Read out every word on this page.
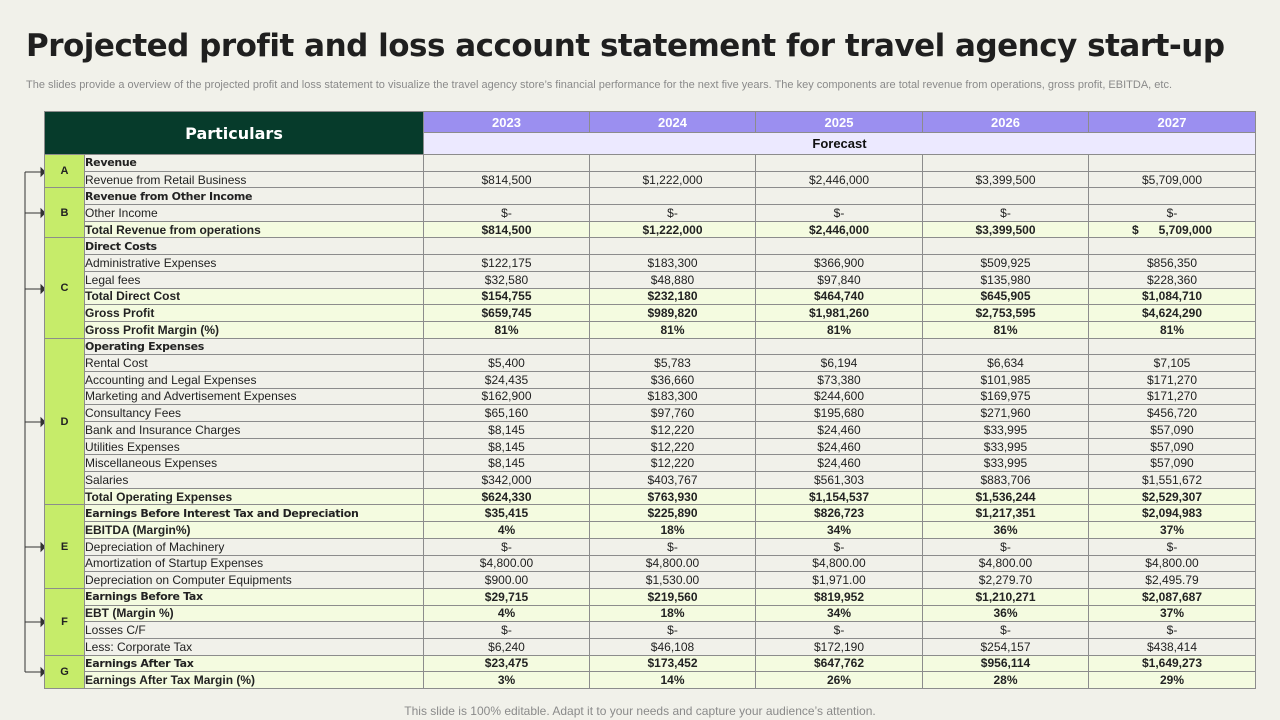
Projected profit and loss account statement for travel agency start-up
The slides provide a overview of the projected profit and loss statement to visualize the travel agency store’s financial performance for the next five years. The key components are total revenue from operations, gross profit, EBITDA, etc.
Particulars		2023	2024	2025	2026	2027
		Forecast				
A	Revenue					
	Revenue from Retail Business	$814,500	$1,222,000	$2,446,000	$3,399,500	$5,709,000
B	Revenue from Other Income					
	Other Income	$-	$-	$-	$-	$-
	Total Revenue from operations	$814,500	$1,222,000	$2,446,000	$3,399,500	$      5,709,000
C	Direct Costs					
	Administrative Expenses	$122,175	$183,300	$366,900	$509,925	$856,350
	Legal fees	$32,580	$48,880	$97,840	$135,980	$228,360
	Total Direct Cost	$154,755	$232,180	$464,740	$645,905	$1,084,710
	Gross Profit	$659,745	$989,820	$1,981,260	$2,753,595	$4,624,290
	Gross Profit Margin (%)	81%	81%	81%	81%	81%
D	Operating Expenses					
	Rental Cost	$5,400	$5,783	$6,194	$6,634	$7,105
	Accounting and Legal Expenses	$24,435	$36,660	$73,380	$101,985	$171,270
	Marketing and Advertisement Expenses	$162,900	$183,300	$244,600	$169,975	$171,270
	Consultancy Fees	$65,160	$97,760	$195,680	$271,960	$456,720
	Bank and Insurance Charges	$8,145	$12,220	$24,460	$33,995	$57,090
	Utilities Expenses	$8,145	$12,220	$24,460	$33,995	$57,090
	Miscellaneous Expenses	$8,145	$12,220	$24,460	$33,995	$57,090
	Salaries	$342,000	$403,767	$561,303	$883,706	$1,551,672
	Total Operating Expenses	$624,330	$763,930	$1,154,537	$1,536,244	$2,529,307
E	Earnings Before Interest Tax and Depreciation	$35,415	$225,890	$826,723	$1,217,351	$2,094,983
	EBITDA (Margin%)	4%	18%	34%	36%	37%
	Depreciation of Machinery	$-	$-	$-	$-	$-
	Amortization of Startup Expenses	$4,800.00	$4,800.00	$4,800.00	$4,800.00	$4,800.00
	Depreciation on Computer Equipments	$900.00	$1,530.00	$1,971.00	$2,279.70	$2,495.79
F	Earnings Before Tax	$29,715	$219,560	$819,952	$1,210,271	$2,087,687
	EBT (Margin %)	4%	18%	34%	36%	37%
	Losses C/F	$-	$-	$-	$-	$-
	Less: Corporate Tax	$6,240	$46,108	$172,190	$254,157	$438,414
G	Earnings After Tax	$23,475	$173,452	$647,762	$956,114	$1,649,273
	Earnings After Tax Margin (%)	3%	14%	26%	28%	29%
This slide is 100% editable. Adapt it to your needs and capture your audience’s attention.
